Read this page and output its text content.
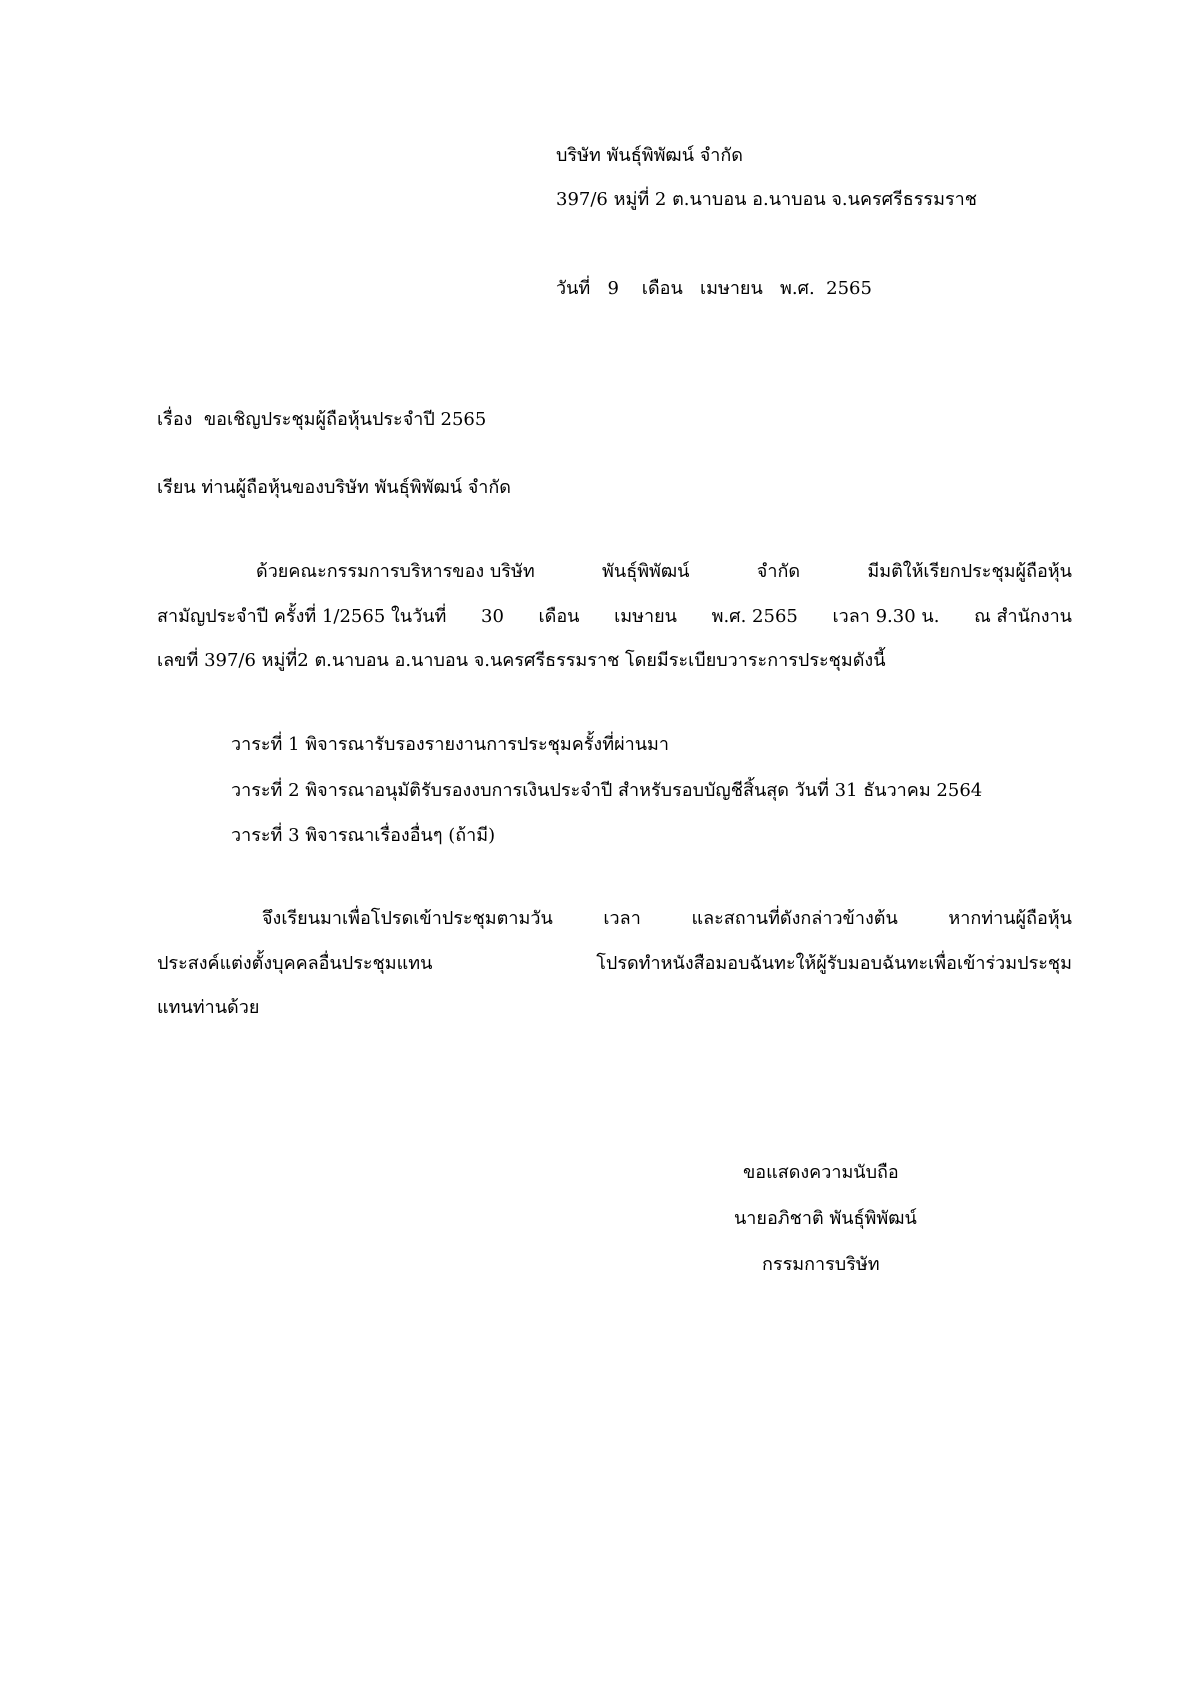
บริษัท พันธุ์พิพัฒน์ จำกัด
397/6 หมู่ที่ 2 ต.นาบอน อ.นาบอน จ.นครศรีธรรมราช
วันที่ 9 เดือน เมษายน พ.ศ. 2565
เรื่อง ขอเชิญประชุมผู้ถือหุ้นประจำปี 2565
เรียน ท่านผู้ถือหุ้นของบริษัท พันธุ์พิพัฒน์ จำกัด
ด้วยคณะกรรมการบริหารของ บริษัท	พันธุ์พิพัฒน์	จำกัด	มีมติให้เรียกประชุมผู้ถือหุ้น
สามัญประจำปี ครั้งที่ 1/2565 ในวันที่ 30 เดือน เมษายน พ.ศ. 2565 เวลา 9.30 น. ณ สำนักงาน
เลขที่ 397/6 หมู่ที่2 ต.นาบอน อ.นาบอน จ.นครศรีธรรมราช โดยมีระเบียบวาระการประชุมดังนี้
วาระที่ 1 พิจารณารับรองรายงานการประชุมครั้งที่ผ่านมา
วาระที่ 2 พิจารณาอนุมัติรับรองงบการเงินประจำปี สำหรับรอบบัญชีสิ้นสุด วันที่ 31 ธันวาคม 2564
วาระที่ 3 พิจารณาเรื่องอื่นๆ (ถ้ามี)
จึงเรียนมาเพื่อโปรดเข้าประชุมตามวัน	เวลา	และสถานที่ดังกล่าวข้างต้น	หากท่านผู้ถือหุ้น
ประสงค์แต่งตั้งบุคคลอื่นประชุมแทน	โปรดทำหนังสือมอบฉันทะให้ผู้รับมอบฉันทะเพื่อเข้าร่วมประชุม
แทนท่านด้วย
ขอแสดงความนับถือ
นายอภิชาติ พันธุ์พิพัฒน์
กรรมการบริษัท
